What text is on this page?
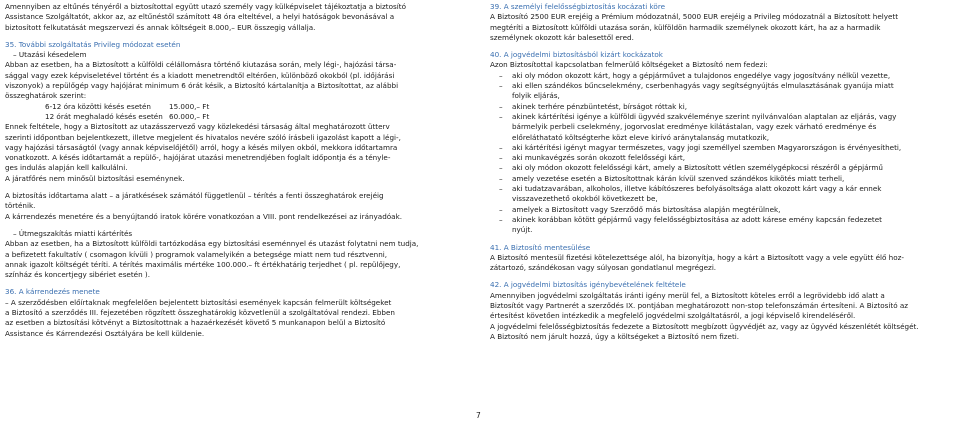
Amennyiben az eltűnés tényéről a biztosítottal együtt utazó személy vagy külképviselet tájékoztatja a biztosító

Assistance Szolgáltatót, akkor az, az eltűnéstől számított 48 óra elteltével, a helyi hatóságok bevonásával a

biztosított felkutatását megszervezi és annak költségeit 8.000,– EUR összegig vállalja.

35. További szolgáltatás Privileg módozat esetén

– Utazási késedelem

Abban az esetben, ha a Biztosított a külföldi célállomásra történő kiutazása során, mely légi-, hajózási társa-

sággal vagy ezek képviseletével történt és a kiadott menetrendtől eltérően, különböző okokból (pl. időjárási

viszonyok) a repülőgép vagy hajójárat minimum 6 órát késik, a Biztosító kártalanítja a Biztosítottat, az alábbi

összeghatárok szerint:

6-12 óra közötti késés esetén	15.000,– Ft

12 órát meghaladó késés esetén 60.000,– Ft

Ennek feltétele, hogy a Biztosított az utazásszervező vagy közlekedési társaság által meghatározott ütterv

szerinti időpontban bejelentkezett, illetve megjelent és hivatalos nevére szóló írásbeli igazolást kapott a légi-,

vagy hajózási társaságtól (vagy annak képviselőjétől) arról, hogy a késés milyen okból, mekkora időtartamra

vonatkozott. A késés időtartamát a repülő-, hajójárat utazási menetrendjében foglalt időpontja és a tényle-

ges indulás alapján kell kalkulálni.

A járatfőrés nem minősül biztosítási eseménynek.

A biztosítás időtartama alatt – a járatkésések számától függetlenül – térítés a fenti összeghatárok erejéig

történik.

A kárrendezés menetére és a benyújtandó iratok körére vonatkozóan a VIII. pont rendelkezései az irányadóak.

– Útmegszakítás miatti kártérítés

Abban az esetben, ha a Biztosított külföldi tartózkodása egy biztosítási eseménnyel és utazást folytatni nem tudja,

a befizetett fakultatív ( csomagon kívüli ) programok valamelyikén a betegsége miatt nem tud résztvenni,

annak igazolt költségét téríti. A térítés maximális mértéke 100.000.– ft értékhatárig terjedhet ( pl. repülőjegy,

színház és koncertjegy sibériet esetén ).

36. A kárrendezés menete

– A szerződésben előírtaknak megfelelően bejelentett biztosítási események kapcsán felmerült költségeket

a Biztosító a szerződés III. fejezetében rögzített összeghatárokig közvetlenül a szolgáltatóval rendezi. Ebben

az esetben a biztosítási kötvényt a Biztosítottnak a hazaérkezését követő 5 munkanapon belül a Biztosító

Assistance és Kárrendezési Osztályára be kell küldenie.

39. A személyi felelősségbiztosítás kocázati köre

A Biztosító 2500 EUR erejéig a Prémium módozatnál, 5000 EUR erejéig a Privileg módozatnál a Biztosított helyett

megtéríti a Biztosított külföldi utazása során, külföldön harmadik személynek okozott kárt, ha az a harmadik

személynek okozott kár balesettől ered.

40. A jogvédelmi biztosításból kizárt kockázatok

Azon Biztosítottal kapcsolatban felmerülő költségeket a Biztosító nem fedezi:

– aki oly módon okozott kárt, hogy a gépjárművet a tulajdonos engedélye vagy jogosítvány nélkül vezette,

– aki ellen szándékos bűncselekmény, cserbenhagyás vagy segítségnyújtás elmulasztásának gyanúja miatt

folyik eljárás,

– akinek terhére pénzbüntetést, bírságot róttak ki,

– akinek kártérítési igénye a külföldi ügyvéd szakvéleménye szerint nyilvánvalóan alaptalan az eljárás, vagy

bármelyik perbeli cselekmény, jogorvoslat eredménye kilátástalan, vagy ezek várható eredménye és

előreláthatató költségterhe közt eleve kirívó aránytalanság mutatkozik,

– aki kártérítési igényt magyar természetes, vagy jogi személlyel szemben Magyarországon is érvényesítheti,

– aki munkavégzés során okozott felelősségi kárt,

– aki oly módon okozott felelősségi kárt, amely a Biztosított vétlen személygépkocsi részéről a gépjármű

– amely vezetése esetén a Biztosítottnak kárán kívül szenved szándékos kikötés miatt terheli,

– aki tudatzavarában, alkoholos, illetve kábítószeres befolyásoltsága alatt okozott kárt vagy a kár ennek

visszavezethető okokból következett be,

– amelyek a Biztosított vagy Szerződő más biztosítása alapján megtérülnek,

– akinek korábban kötött gépjármű vagy felelősségbiztosítása az adott kárese emény kapcsán fedezetet

nyújt.

41. A Biztosító mentesülése

A Biztosító mentesül fizetési kötelezettsége alól, ha bizonyítja, hogy a kárt a Biztosított vagy a vele együtt élő hoz-

zátartozó, szándékosan vagy súlyosan gondatlanul megrégezi.

42. A jogvédelmi biztosítás igénybevételének feltétele

Amennyiben jogvédelmi szolgáltatás iránti igény merül fel, a Biztosított köteles erről a legrövidebb idő alatt a

Biztosítót vagy Partnerét a szerződés IX. pontjában meghatározott non-stop telefonszámán értesíteni. A Biztosító az

értesítést követően intézkedik a megfelelő jogvédelmi szolgáltatásról, a jogi képviselő kirendeléséről.

A jogvédelmi felelősségbiztosítás fedezete a Biztosított megbízott ügyvédjét az, vagy az ügyvéd készenlétét költségét.

A Biztosító nem járult hozzá, úgy a költségeket a Biztosító nem fizeti.

7
